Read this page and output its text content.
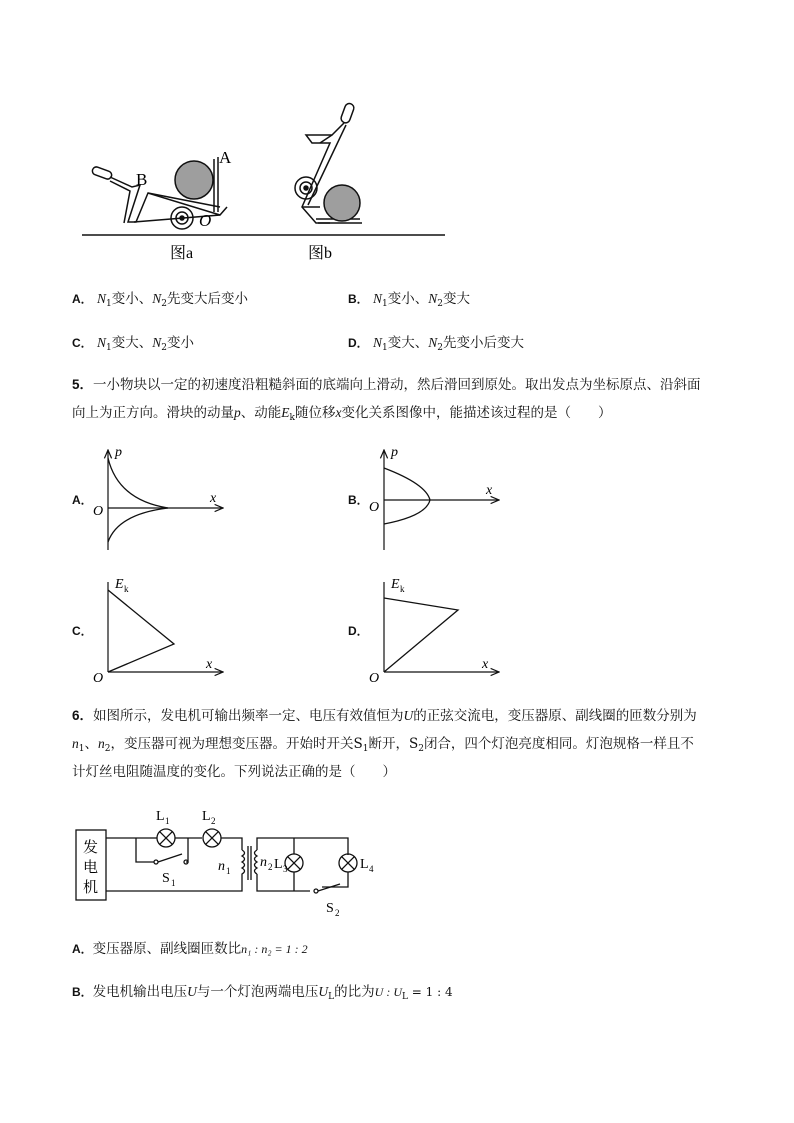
A
B
O
图a	图b
A． $N_1$变小、$N_2$先变大后变小	B． $N_1$变小、$N_2$变大
C． $N_1$变大、$N_2$变小	D． $N_1$变大、$N_2$先变小后变大
5．一小物块以一定的初速度沿粗糙斜面的底端向上滑动，然后滑回到原处。取出发点为坐标原点、沿斜面
向上为正方向。滑块的动量p、动能$E_k$随位移x变化关系图像中，能描述该过程的是（　　）
A．
p
x
O
B．
p
x
O
C．
E k
x
O
D．
E k
x
O
6．如图所示，发电机可输出频率一定、电压有效值恒为U的正弦交流电，变压器原、副线圈的匝数分别为
$n_1$、$n_2$，变压器可视为理想变压器。开始时开关$S_1$断开，$S_2$闭合，四个灯泡亮度相同。灯泡规格一样且不
计灯丝电阻随温度的变化。下列说法正确的是（　　）
发
电
机
L 1 L 2
S 1
n 1
n 2 L 3	L 4
S 2
A．变压器原、副线圈匝数比n₁ : n₂ = 1 : 2
B．发电机输出电压U与一个灯泡两端电压$U_L$的比为U : $U_L = 1$ : 4
